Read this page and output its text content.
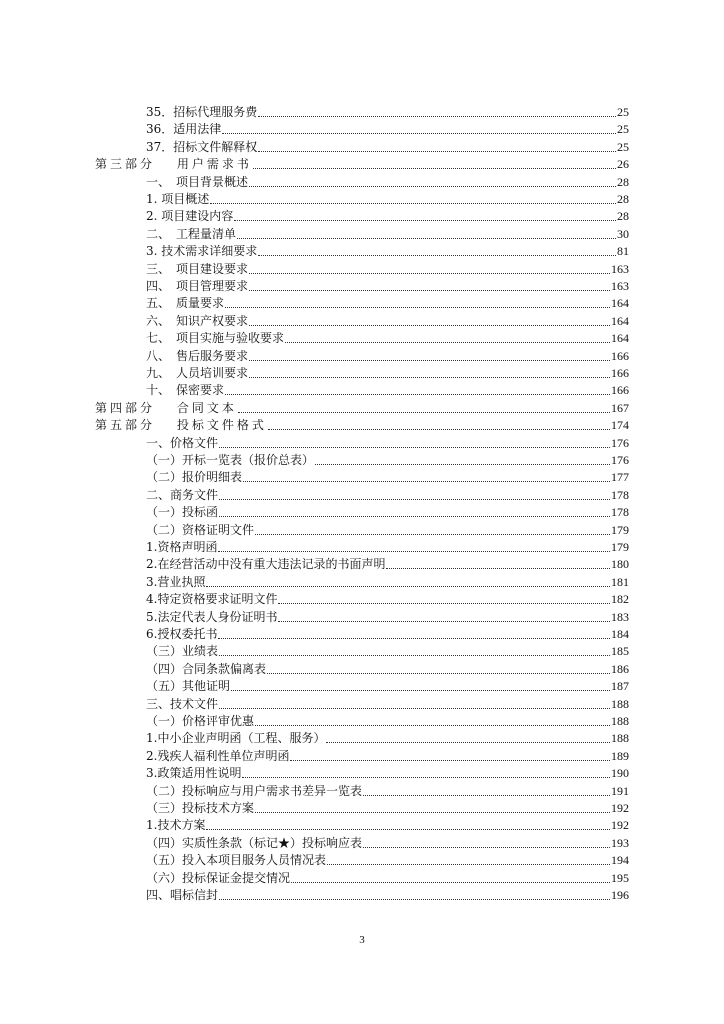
35．招标代理服务费	25
36．适用法律	25
37．招标文件解释权	25
第三部分　 用户需求书	26
一、　项目背景概述	28
1. 项目概述	28
2. 项目建设内容	28
二、　工程量清单	30
3. 技术需求详细要求	81
三、　项目建设要求	163
四、　项目管理要求	163
五、　质量要求	164
六、　知识产权要求	164
七、　项目实施与验收要求	164
八、　售后服务要求	166
九、　人员培训要求	166
十、　保密要求	166
第四部分　 合同文本	167
第五部分　 投标文件格式	174
一、价格文件	176
（一）开标一览表（报价总表）	176
（二）报价明细表	177
二、商务文件	178
（一）投标函	178
（二）资格证明文件	179
1.资格声明函	179
2.在经营活动中没有重大违法记录的书面声明	180
3.营业执照	181
4.特定资格要求证明文件	182
5.法定代表人身份证明书	183
6.授权委托书	184
（三）业绩表	185
（四）合同条款偏离表	186
（五）其他证明	187
三、技术文件	188
（一）价格评审优惠	188
1.中小企业声明函（工程、服务）	188
2.残疾人福利性单位声明函	189
3.政策适用性说明	190
（二）投标响应与用户需求书差异一览表	191
（三）投标技术方案	192
1.技术方案	192
（四）实质性条款（标记★）投标响应表	193
（五）投入本项目服务人员情况表	194
（六）投标保证金提交情况	195
四、唱标信封	196
3
